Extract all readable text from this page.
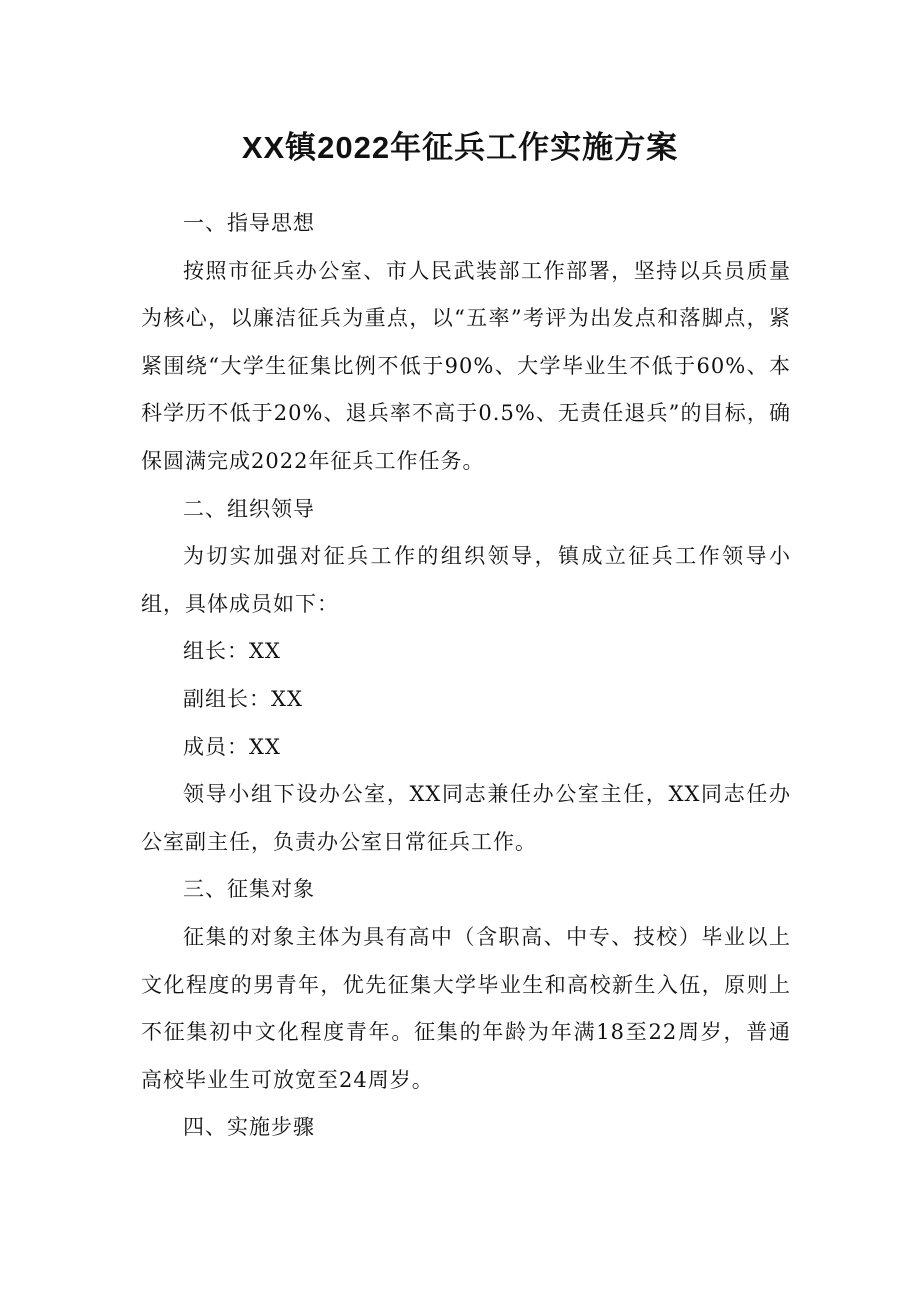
XX镇2022年征兵工作实施方案

一、指导思想

按照市征兵办公室、市人民武装部工作部署，坚持以兵员质量为核心，以廉洁征兵为重点，以“五率”考评为出发点和落脚点，紧紧围绕“大学生征集比例不低于90%、大学毕业生不低于60%、本科学历不低于20%、退兵率不高于0.5%、无责任退兵”的目标，确保圆满完成2022年征兵工作任务。

二、组织领导

为切实加强对征兵工作的组织领导，镇成立征兵工作领导小组，具体成员如下：

组长：XX

副组长：XX

成员：XX

领导小组下设办公室，XX同志兼任办公室主任，XX同志任办公室副主任，负责办公室日常征兵工作。

三、征集对象

征集的对象主体为具有高中（含职高、中专、技校）毕业以上文化程度的男青年，优先征集大学毕业生和高校新生入伍，原则上不征集初中文化程度青年。征集的年龄为年满18至22周岁，普通高校毕业生可放宽至24周岁。

四、实施步骤
